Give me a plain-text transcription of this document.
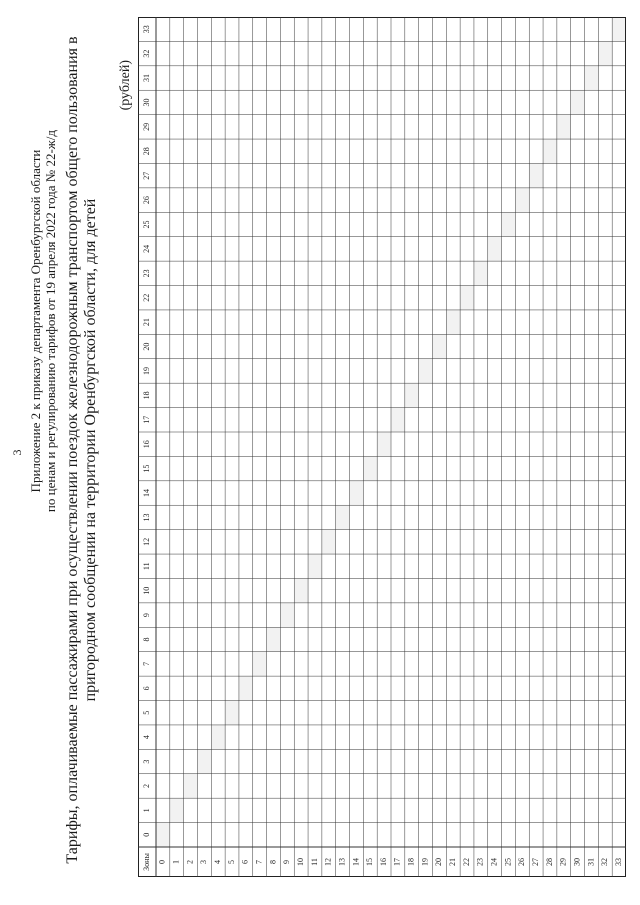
3 Приложение 2 к приказу департамента Оренбургской области по ценам и регулированию тарифов от 19 апреля 2022 года № 22-ж/д Тарифы, оплачиваемые пассажирами при осуществлении поездок железнодорожным транспортом общего пользования в пригородном сообщении на территории Оренбургской области, для детей
(рублей)
Зоны
0
1
2
3
4
5
6
7
8
9
10
11
12
13
14
15
16
17
18
19
20
21
22
23
24
25
26
27
28
29
30
31
32
33
0 1 2 3 4 5 6 7 8 9 10 11 12 13 14 15 16 17 18 19 20 21 22 23 24 25 26 27 28 29 30 31 32 33
